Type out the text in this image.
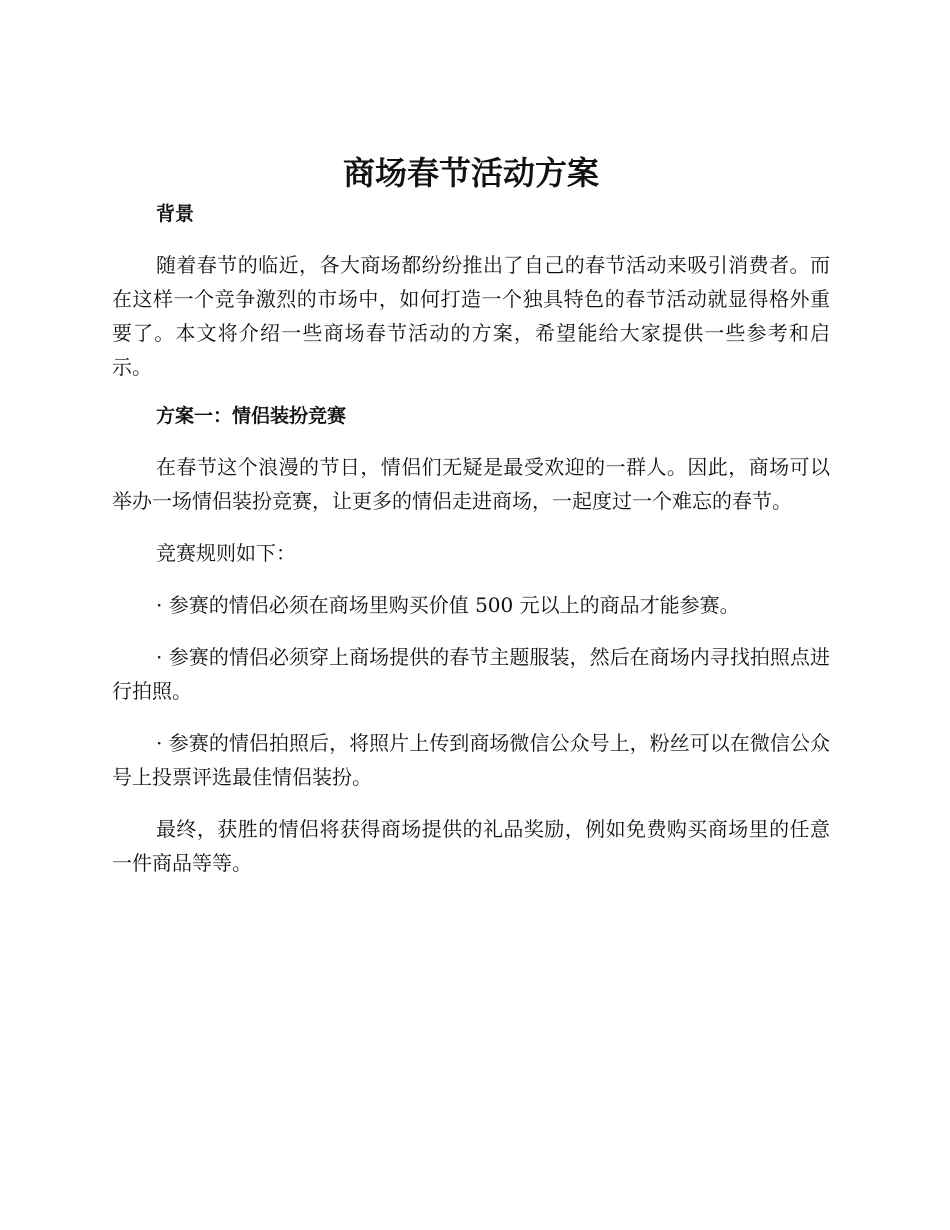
商场春节活动方案
背景

随着春节的临近，各大商场都纷纷推出了自己的春节活动来吸引消费者。而在这样一个竞争激烈的市场中，如何打造一个独具特色的春节活动就显得格外重要了。本文将介绍一些商场春节活动的方案，希望能给大家提供一些参考和启示。

方案一：情侣装扮竞赛

在春节这个浪漫的节日，情侣们无疑是最受欢迎的一群人。因此，商场可以举办一场情侣装扮竞赛，让更多的情侣走进商场，一起度过一个难忘的春节。

竞赛规则如下：

· 参赛的情侣必须在商场里购买价值 500 元以上的商品才能参赛。

· 参赛的情侣必须穿上商场提供的春节主题服装，然后在商场内寻找拍照点进行拍照。

· 参赛的情侣拍照后，将照片上传到商场微信公众号上，粉丝可以在微信公众号上投票评选最佳情侣装扮。

最终，获胜的情侣将获得商场提供的礼品奖励，例如免费购买商场里的任意一件商品等等。
